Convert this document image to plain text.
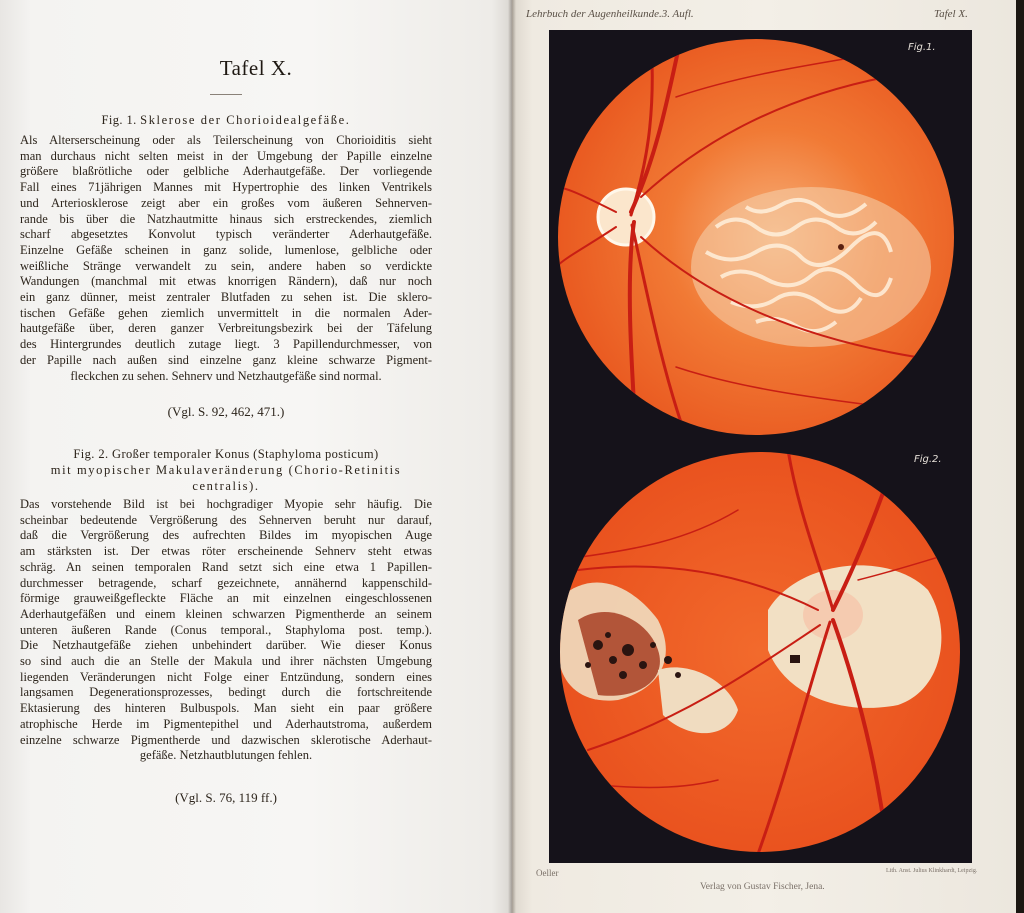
Tafel X.
Fig. 1. Sklerose der Chorioidealgefäße.
Als Alterserscheinung oder als Teilerscheinung von Chorioiditis sieht
man durchaus nicht selten meist in der Umgebung der Papille einzelne
größere blaßrötliche oder gelbliche Aderhautgefäße. Der vorliegende
Fall eines 71jährigen Mannes mit Hypertrophie des linken Ventrikels
und Arteriosklerose zeigt aber ein großes vom äußeren Sehnerven-
rande bis über die Natzhautmitte hinaus sich erstreckendes, ziemlich
scharf abgesetztes Konvolut typisch veränderter Aderhautgefäße.
Einzelne Gefäße scheinen in ganz solide, lumenlose, gelbliche oder
weißliche Stränge verwandelt zu sein, andere haben so verdickte
Wandungen (manchmal mit etwas knorrigen Rändern), daß nur noch
ein ganz dünner, meist zentraler Blutfaden zu sehen ist. Die sklero-
tischen Gefäße gehen ziemlich unvermittelt in die normalen Ader-
hautgefäße über, deren ganzer Verbreitungsbezirk bei der Täfelung
des Hintergrundes deutlich zutage liegt. 3 Papillendurchmesser, von
der Papille nach außen sind einzelne ganz kleine schwarze Pigment-
fleckchen zu sehen. Sehnerv und Netzhautgefäße sind normal.
(Vgl. S. 92, 462, 471.)
Fig. 2. Großer temporaler Konus (Staphyloma posticum)
mit myopischer Makulaveränderung (Chorio-Retinitis
centralis).
Das vorstehende Bild ist bei hochgradiger Myopie sehr häufig. Die
scheinbar bedeutende Vergrößerung des Sehnerven beruht nur darauf,
daß die Vergrößerung des aufrechten Bildes im myopischen Auge
am stärksten ist. Der etwas röter erscheinende Sehnerv steht etwas
schräg. An seinen temporalen Rand setzt sich eine etwa 1 Papillen-
durchmesser betragende, scharf gezeichnete, annähernd kappenschild-
förmige grauweißgefleckte Fläche an mit einzelnen eingeschlossenen
Aderhautgefäßen und einem kleinen schwarzen Pigmentherde an seinem
unteren äußeren Rande (Conus temporal., Staphyloma post. temp.).
Die Netzhautgefäße ziehen unbehindert darüber. Wie dieser Konus
so sind auch die an Stelle der Makula und ihrer nächsten Umgebung
liegenden Veränderungen nicht Folge einer Entzündung, sondern eines
langsamen Degenerationsprozesses, bedingt durch die fortschreitende
Ektasierung des hinteren Bulbuspols. Man sieht ein paar größere
atrophische Herde im Pigmentepithel und Aderhautstroma, außerdem
einzelne schwarze Pigmentherde und dazwischen sklerotische Aderhaut-
gefäße. Netzhautblutungen fehlen.
(Vgl. S. 76, 119 ff.)
Lehrbuch der Augenheilkunde.3. Aufl.	Tafel X.
Fig.1.
Fig.2.
Oeller	Lith. Anst. Julius Klinkhardt, Leipzig.
Verlag von Gustav Fischer, Jena.
